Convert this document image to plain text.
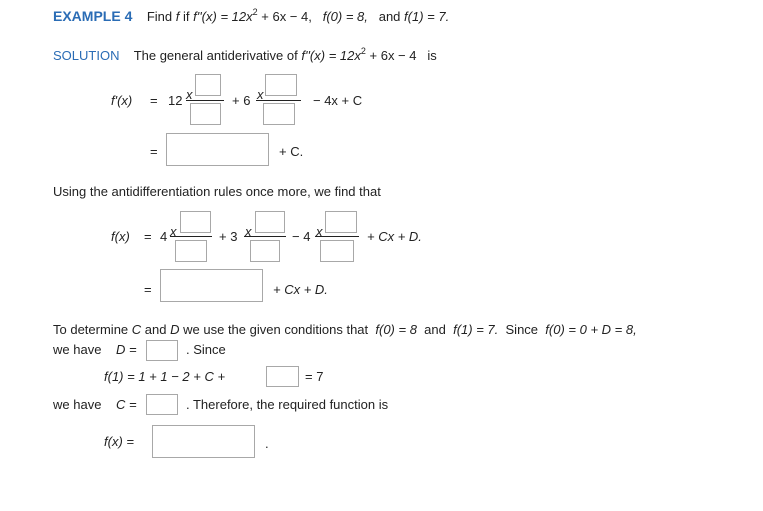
EXAMPLE 4 Find f if $f''(x) = 12x^2 + 6x - 4$, f(0) = 8, and f(1) = 7.
SOLUTION The general antiderivative of $f''(x) = 12x^2 + 6x - 4$ is
f'(x) = 12 x	+ 6 x	− 4x + C
=	+ C.
Using the antidifferentiation rules once more, we find that
f(x) = 4 x	+ 3 x	− 4 x	+ Cx + D.
=	+ Cx + D.
To determine C and D we use the given conditions that f(0) = 8 and f(1) = 7. Since f(0) = 0 + D = 8,
we have D =	. Since
f(1) = 1 + 1 − 2 + C +	= 7
we have C =	. Therefore, the required function is
f(x) =	.
